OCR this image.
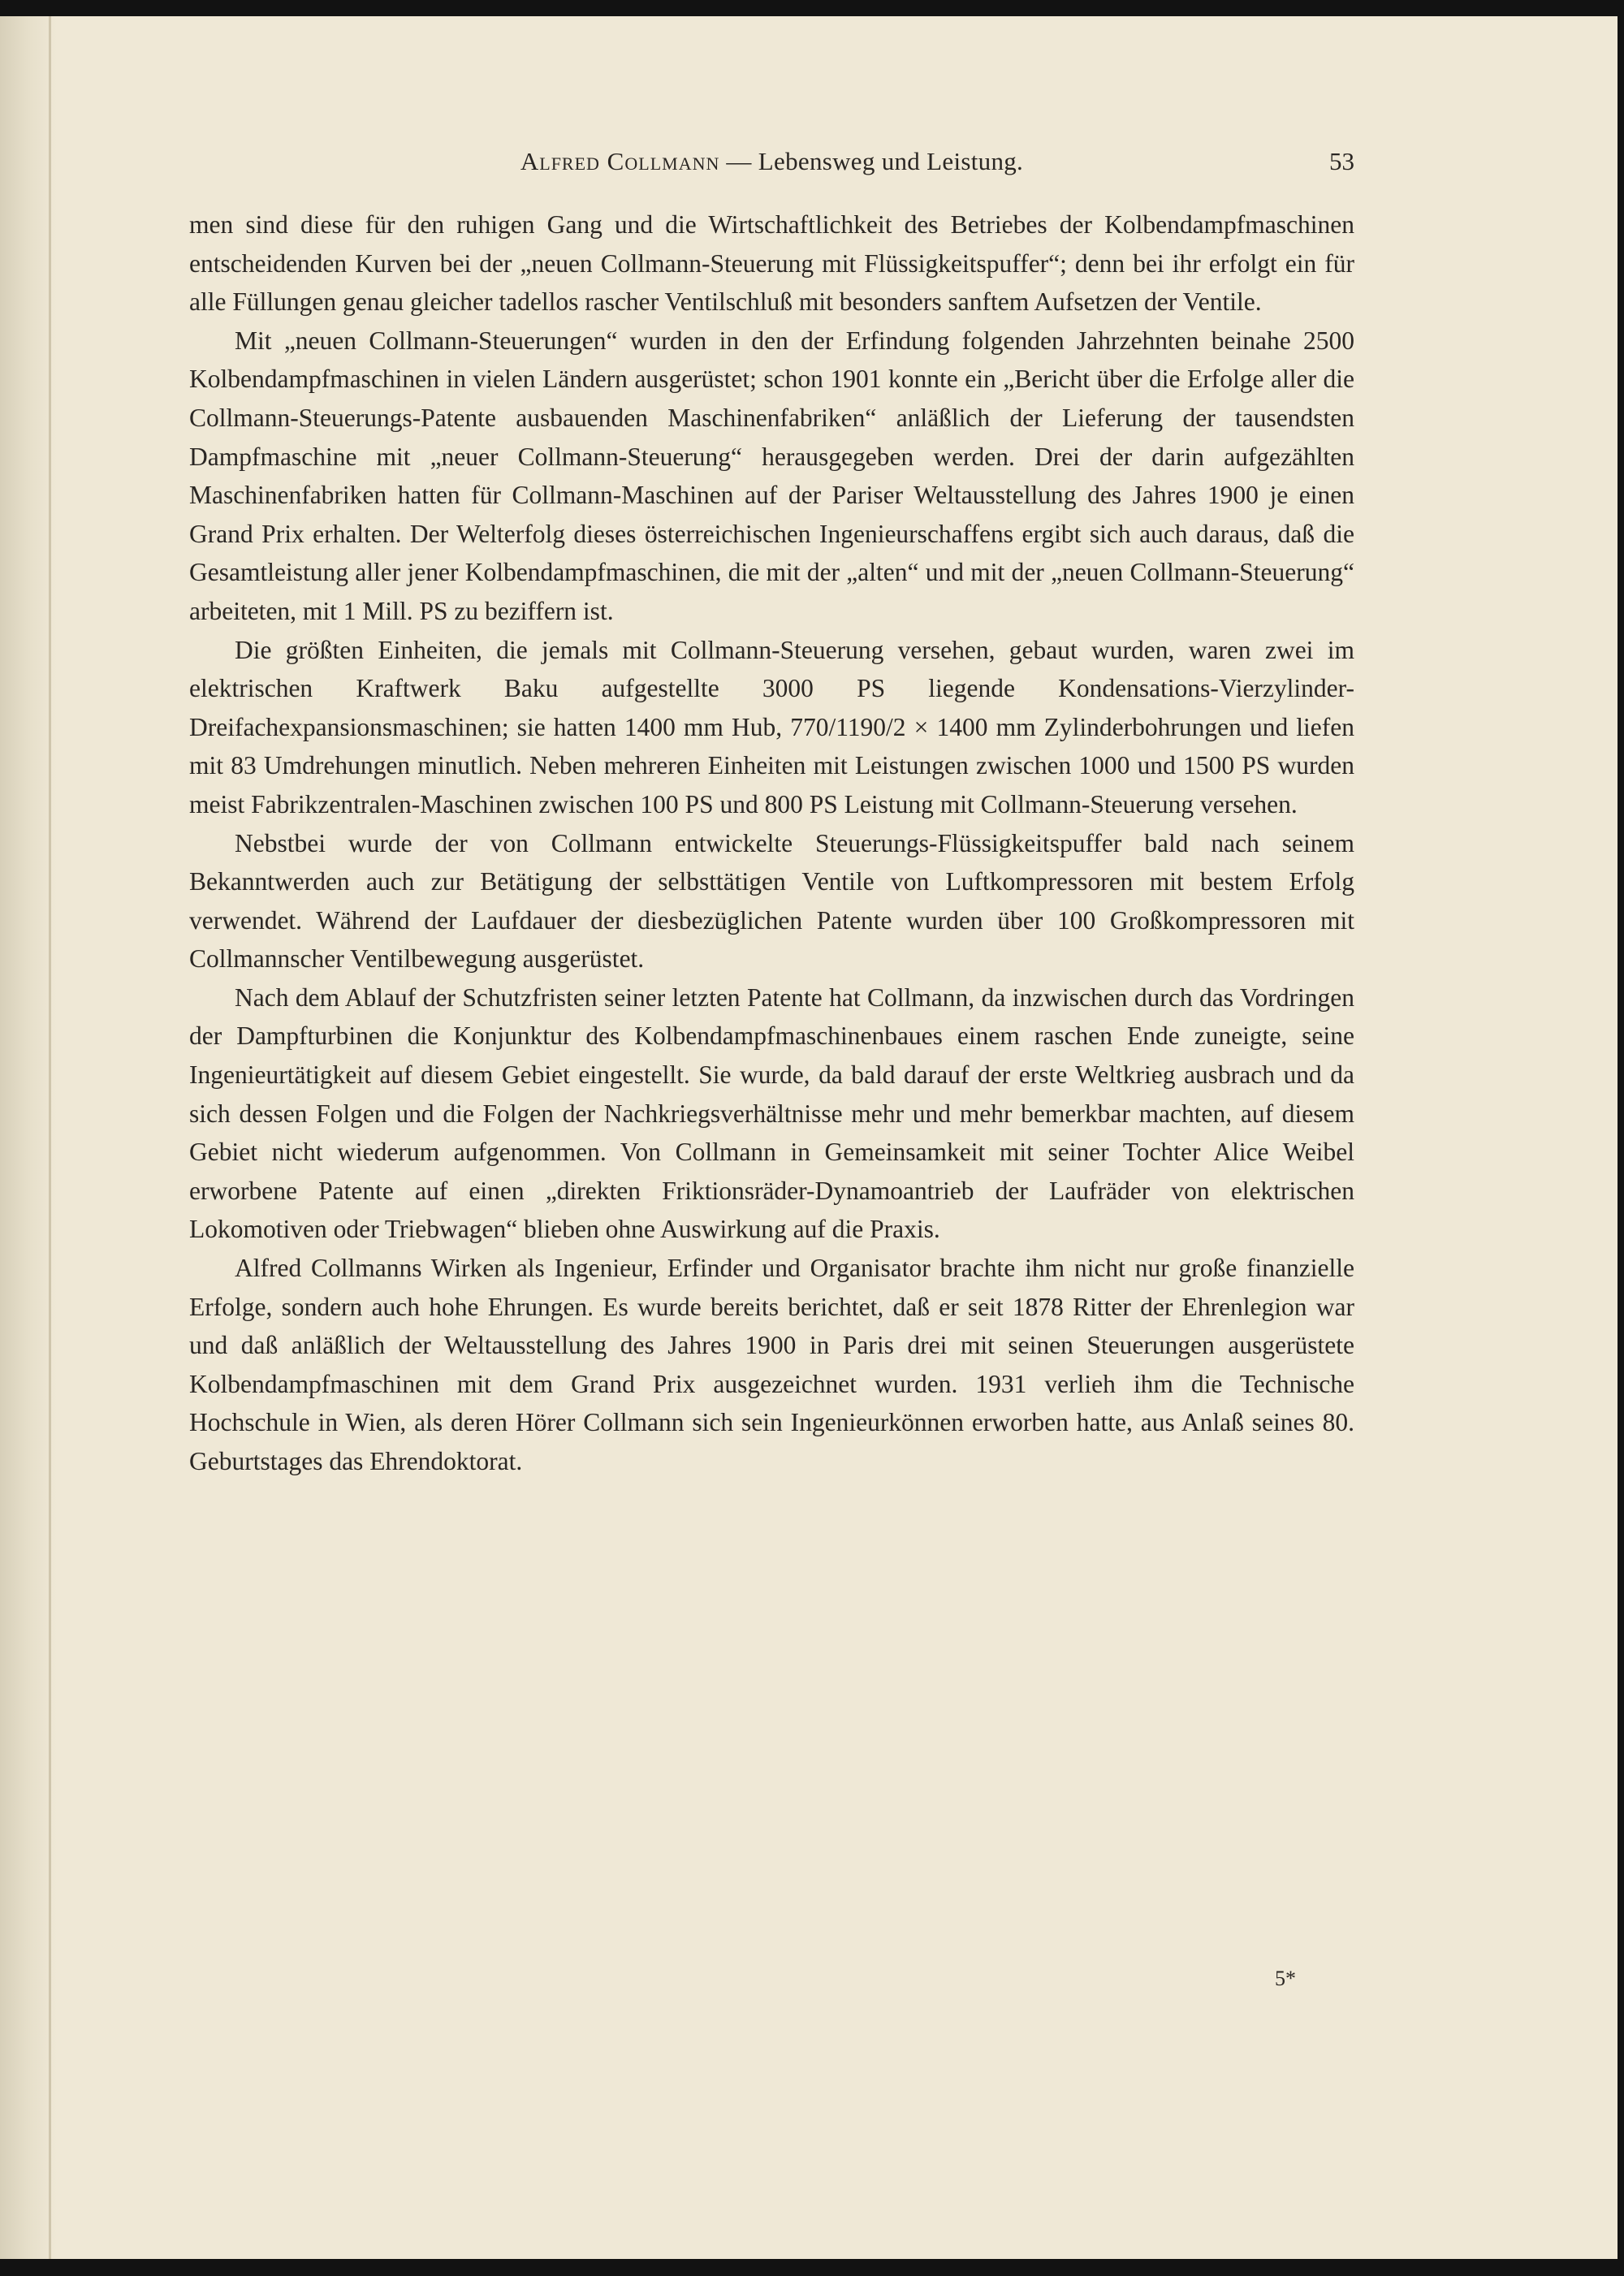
Alfred Collmann — Lebensweg und Leistung.	53

men sind diese für den ruhigen Gang und die Wirtschaftlichkeit des Betriebes der Kolbendampfmaschinen entscheidenden Kurven bei der „neuen Collmann-Steuerung mit Flüssigkeitspuffer“; denn bei ihr erfolgt ein für alle Füllungen genau gleicher tadellos rascher Ventilschluß mit besonders sanftem Aufsetzen der Ventile.

Mit „neuen Collmann-Steuerungen“ wurden in den der Erfindung folgenden Jahrzehnten beinahe 2500 Kolbendampfmaschinen in vielen Ländern ausgerüstet; schon 1901 konnte ein „Bericht über die Erfolge aller die Collmann-Steuerungs-Patente ausbauenden Maschinenfabriken“ anläßlich der Lieferung der tausendsten Dampfmaschine mit „neuer Collmann-Steuerung“ herausgegeben werden. Drei der darin aufgezählten Maschinenfabriken hatten für Collmann-Maschinen auf der Pariser Weltausstellung des Jahres 1900 je einen Grand Prix erhalten. Der Welterfolg dieses österreichischen Ingenieurschaffens ergibt sich auch daraus, daß die Gesamtleistung aller jener Kolbendampfmaschinen, die mit der „alten“ und mit der „neuen Collmann-Steuerung“ arbeiteten, mit 1 Mill. PS zu beziffern ist.

Die größten Einheiten, die jemals mit Collmann-Steuerung versehen, gebaut wurden, waren zwei im elektrischen Kraftwerk Baku aufgestellte 3000 PS liegende Kondensations-Vierzylinder-Dreifachexpansionsmaschinen; sie hatten 1400 mm Hub, 770/1190/2 × 1400 mm Zylinderbohrungen und liefen mit 83 Umdrehungen minutlich. Neben mehreren Einheiten mit Leistungen zwischen 1000 und 1500 PS wurden meist Fabrikzentralen-Maschinen zwischen 100 PS und 800 PS Leistung mit Collmann-Steuerung versehen.

Nebstbei wurde der von Collmann entwickelte Steuerungs-Flüssigkeitspuffer bald nach seinem Bekanntwerden auch zur Betätigung der selbsttätigen Ventile von Luftkompressoren mit bestem Erfolg verwendet. Während der Laufdauer der diesbezüglichen Patente wurden über 100 Großkompressoren mit Collmannscher Ventilbewegung ausgerüstet.

Nach dem Ablauf der Schutzfristen seiner letzten Patente hat Collmann, da inzwischen durch das Vordringen der Dampfturbinen die Konjunktur des Kolbendampfmaschinenbaues einem raschen Ende zuneigte, seine Ingenieurtätigkeit auf diesem Gebiet eingestellt. Sie wurde, da bald darauf der erste Weltkrieg ausbrach und da sich dessen Folgen und die Folgen der Nachkriegsverhältnisse mehr und mehr bemerkbar machten, auf diesem Gebiet nicht wiederum aufgenommen. Von Collmann in Gemeinsamkeit mit seiner Tochter Alice Weibel erworbene Patente auf einen „direkten Friktionsräder-Dynamoantrieb der Laufräder von elektrischen Lokomotiven oder Triebwagen“ blieben ohne Auswirkung auf die Praxis.

Alfred Collmanns Wirken als Ingenieur, Erfinder und Organisator brachte ihm nicht nur große finanzielle Erfolge, sondern auch hohe Ehrungen. Es wurde bereits berichtet, daß er seit 1878 Ritter der Ehrenlegion war und daß anläßlich der Weltausstellung des Jahres 1900 in Paris drei mit seinen Steuerungen ausgerüstete Kolbendampfmaschinen mit dem Grand Prix ausgezeichnet wurden. 1931 verlieh ihm die Technische Hochschule in Wien, als deren Hörer Collmann sich sein Ingenieurkönnen erworben hatte, aus Anlaß seines 80. Geburtstages das Ehrendoktorat.

5*
